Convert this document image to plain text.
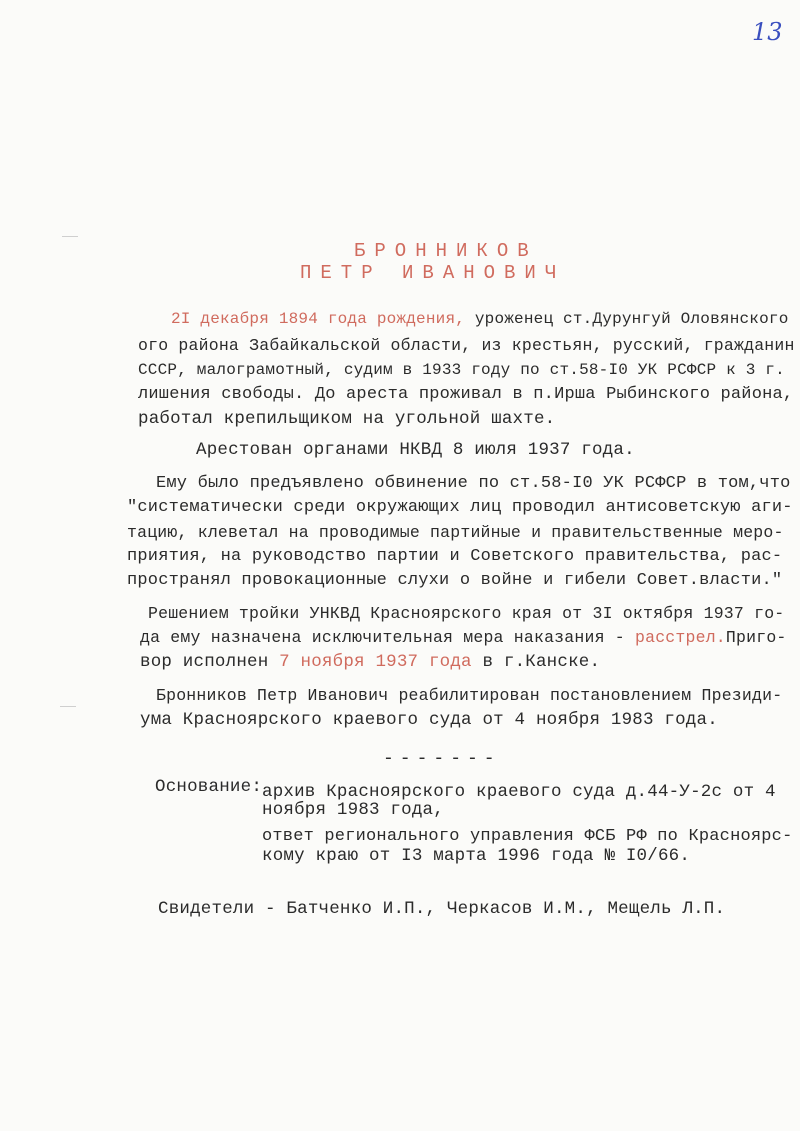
13
БРОННИКОВ
ПЕТР ИВАНОВИЧ
2I декабря 1894 года рождения, уроженец ст.Дурунгуй Оловянского
ого района Забайкальской области, из крестьян, русский, гражданин
СССР, малограмотный, судим в 1933 году по ст.58-I0 УК РСФСР к 3 г.
лишения свободы. До ареста проживал в п.Ирша Рыбинского района,
работал крепильщиком на угольной шахте.
Арестован органами НКВД 8 июля 1937 года.
Ему было предъявлено обвинение по ст.58-I0 УК РСФСР в том,что
"систематически среди окружающих лиц проводил антисоветскую аги-
тацию, клеветал на проводимые партийные и правительственные меро-
приятия, на руководство партии и Советского правительства, рас-
пространял провокационные слухи о войне и гибели Совет.власти."
Решением тройки УНКВД Красноярского края от 3I октября 1937 го-
да ему назначена исключительная мера наказания - расстрел.Приго-
вор исполнен 7 ноября 1937 года в г.Канске.
Бронников Петр Иванович реабилитирован постановлением Президи-
ума Красноярского краевого суда от 4 ноября 1983 года.
-------
Основание: архив Красноярского краевого суда д.44-У-2с от 4
ноября 1983 года,
ответ регионального управления ФСБ РФ по Красноярс-
кому краю от I3 марта 1996 года № I0/66.
Свидетели - Батченко И.П., Черкасов И.М., Мещель Л.П.
